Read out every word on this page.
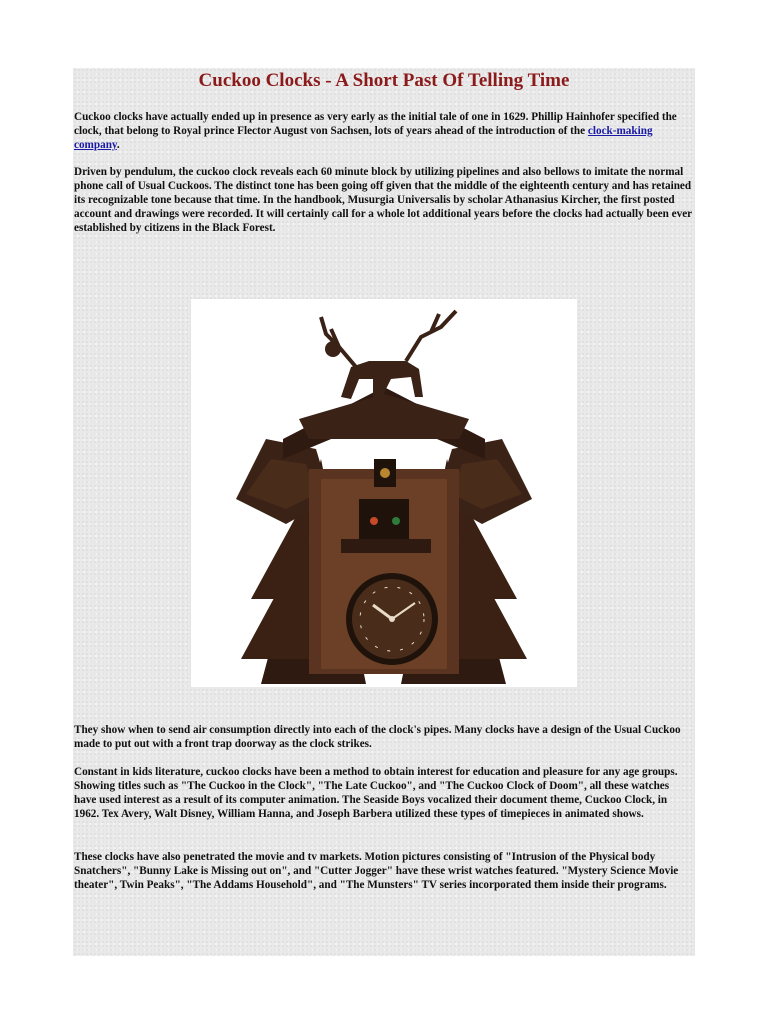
Cuckoo Clocks - A Short Past Of Telling Time

Cuckoo clocks have actually ended up in presence as very early as the initial tale of one in 1629. Phillip Hainhofer specified the clock, that belong to Royal prince Flector August von Sachsen, lots of years ahead of the introduction of the clock-making company.

Driven by pendulum, the cuckoo clock reveals each 60 minute block by utilizing pipelines and also bellows to imitate the normal phone call of Usual Cuckoos. The distinct tone has been going off given that the middle of the eighteenth century and has retained its recognizable tone because that time. In the handbook, Musurgia Universalis by scholar Athanasius Kircher, the first posted account and drawings were recorded. It will certainly call for a whole lot additional years before the clocks had actually been ever established by citizens in the Black Forest.

They show when to send air consumption directly into each of the clock's pipes. Many clocks have a design of the Usual Cuckoo made to put out with a front trap doorway as the clock strikes.

Constant in kids literature, cuckoo clocks have been a method to obtain interest for education and pleasure for any age groups. Showing titles such as "The Cuckoo in the Clock", "The Late Cuckoo", and "The Cuckoo Clock of Doom", all these watches have used interest as a result of its computer animation. The Seaside Boys vocalized their document theme, Cuckoo Clock, in 1962. Tex Avery, Walt Disney, William Hanna, and Joseph Barbera utilized these types of timepieces in animated shows.

These clocks have also penetrated the movie and tv markets. Motion pictures consisting of "Intrusion of the Physical body Snatchers", "Bunny Lake is Missing out on", and "Cutter Jogger" have these wrist watches featured. "Mystery Science Movie theater", Twin Peaks", "The Addams Household", and "The Munsters" TV series incorporated them inside their programs.
